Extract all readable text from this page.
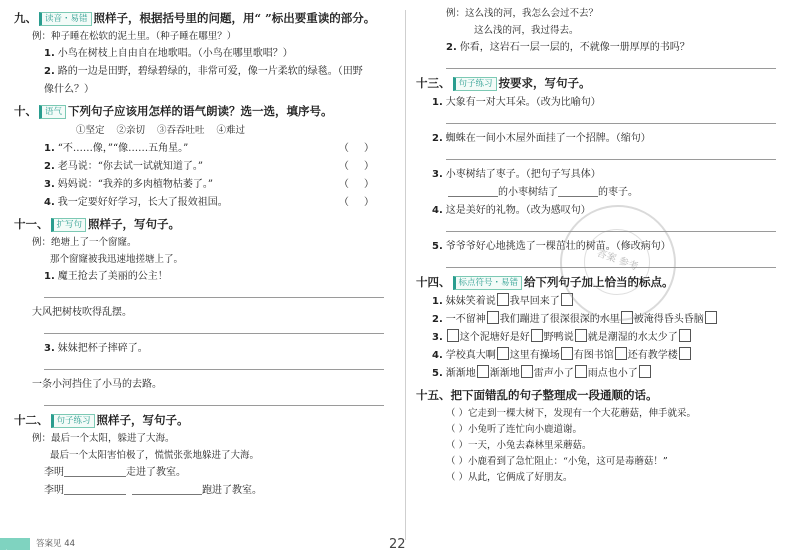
九、 读音・易错 照样子，根据括号里的问题，用“ ”标出要重读的部分。
例：种子睡在松软的泥土里。（种子睡在哪里？）
1. 小鸟在树枝上自由自在地歌唱。（小鸟在哪里歌唱？）
2. 路的一边是田野，碧绿碧绿的，非常可爱，像一片柔软的绿毯。（田野
像什么？）
十、 语气 下列句子应该用怎样的语气朗读？选一选，填序号。
①坚定 ②亲切 ③吞吞吐吐 ④难过
1. “不……像，”“像……五角星。”	（ ）
2. 老马说：“你去试一试就知道了。”	（ ）
3. 妈妈说：“我养的多肉植物枯萎了。”	（ ）
4. 我一定要好好学习，长大了报效祖国。	（ ）
十一、 扩写句 照样子，写句子。
例：绝塘上了一个窗窿。
那个窗窿被我迅速地搓塘上了。
1. 魔王抢去了美丽的公主！
大风把树枝吹得乱摆。
3. 妹妹把杯子摔碎了。
一条小河挡住了小马的去路。
十二、 句子练习 照样子，写句子。
例：最后一个太阳，躲进了大海。
最后一个太阳害怕极了，慌慌张张地躲进了大海。
李明	走进了教室。
李明	跑进了教室。
例：这么浅的河，我怎么会过不去？
这么浅的河，我过得去。
2. 你看，这岩石一层一层的，不就像一册厚厚的书吗？
十三、 句子练习 按要求，写句子。
1. 大象有一对大耳朵。（改为比喻句）
2. 蜘蛛在一间小木屋外面挂了一个招牌。（缩句）
3. 小枣树结了枣子。（把句子写具体）
的小枣树结了	的枣子。
4. 这是美好的礼物。（改为感叹句）
5. 爷爷爷好心地挑选了一棵茁壮的树苗。（修改病句）
十四、 标点符号・易错 给下列句子加上恰当的标点。
1. 妹妹笑着说 我早回来了
2. 一不留神 我们蹦进了很深很深的水里 被淹得昏头昏脑
3. 这个泥塘好是好 野鸭说 就是潮湿的水太少了
4. 学校真大啊 这里有操场 有图书馆 还有教学楼
5. 渐渐地 渐渐地 雷声小了 雨点也小了
十五、把下面错乱的句子整理成一段通顺的话。
（ ）它走到一棵大树下，发现有一个大花蘑菇，伸手就采。
（ ）小兔听了连忙向小鹿道谢。
（ ）一天，小兔去森林里采蘑菇。
（ ）小鹿看到了急忙阻止：“小兔，这可是毒蘑菇！”
（ ）从此，它俩成了好朋友。
答案 参考
▸
答案见 44	22
